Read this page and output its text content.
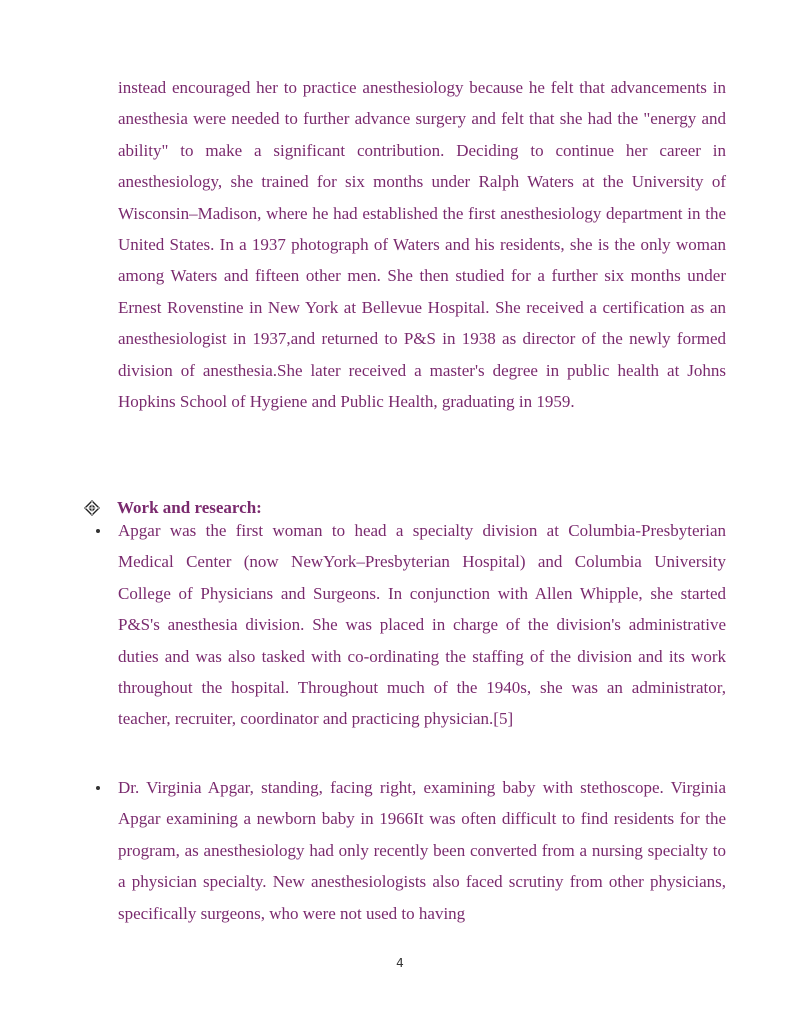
instead encouraged her to practice anesthesiology because he felt that advancements in anesthesia were needed to further advance surgery and felt that she had the "energy and ability" to make a significant contribution. Deciding to continue her career in anesthesiology, she trained for six months under Ralph Waters at the University of Wisconsin–Madison, where he had established the first anesthesiology department in the United States. In a 1937 photograph of Waters and his residents, she is the only woman among Waters and fifteen other men. She then studied for a further six months under Ernest Rovenstine in New York at Bellevue Hospital. She received a certification as an anesthesiologist in 1937,and returned to P&S in 1938 as director of the newly formed division of anesthesia.She later received a master's degree in public health at Johns Hopkins School of Hygiene and Public Health, graduating in 1959.

Work and research:

Apgar was the first woman to head a specialty division at Columbia-Presbyterian Medical Center (now NewYork–Presbyterian Hospital) and Columbia University College of Physicians and Surgeons. In conjunction with Allen Whipple, she started P&S's anesthesia division. She was placed in charge of the division's administrative duties and was also tasked with co-ordinating the staffing of the division and its work throughout the hospital. Throughout much of the 1940s, she was an administrator, teacher, recruiter, coordinator and practicing physician.[5]

Dr. Virginia Apgar, standing, facing right, examining baby with stethoscope. Virginia Apgar examining a newborn baby in 1966It was often difficult to find residents for the program, as anesthesiology had only recently been converted from a nursing specialty to a physician specialty. New anesthesiologists also faced scrutiny from other physicians, specifically surgeons, who were not used to having

4
